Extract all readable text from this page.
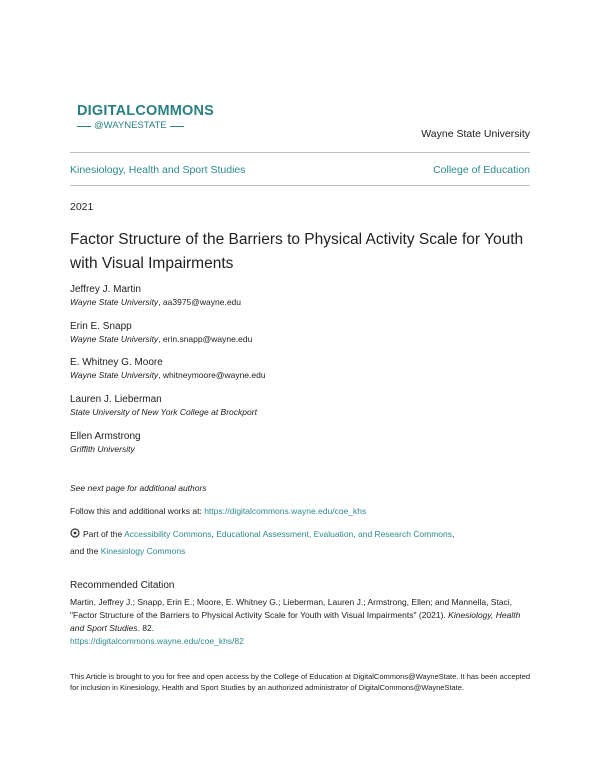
DIGITALCOMMONS
@WAYNESTATE
Wayne State University
Kinesiology, Health and Sport Studies	College of Education
2021
Factor Structure of the Barriers to Physical Activity Scale for Youth with Visual Impairments
Jeffrey J. Martin
Wayne State University, aa3975@wayne.edu
Erin E. Snapp
Wayne State University, erin.snapp@wayne.edu
E. Whitney G. Moore
Wayne State University, whitneymoore@wayne.edu
Lauren J. Lieberman
State University of New York College at Brockport
Ellen Armstrong
Griffith University
See next page for additional authors
Follow this and additional works at: https://digitalcommons.wayne.edu/coe_khs
Part of the Accessibility Commons, Educational Assessment, Evaluation, and Research Commons,
and the Kinesiology Commons
Recommended Citation
Martin, Jeffrey J.; Snapp, Erin E.; Moore, E. Whitney G.; Lieberman, Lauren J.; Armstrong, Ellen; and Mannella, Staci, "Factor Structure of the Barriers to Physical Activity Scale for Youth with Visual Impairments" (2021). Kinesiology, Health and Sport Studies. 82.
https://digitalcommons.wayne.edu/coe_khs/82
This Article is brought to you for free and open access by the College of Education at DigitalCommons@WayneState. It has been accepted for inclusion in Kinesiology, Health and Sport Studies by an authorized administrator of DigitalCommons@WayneState.
